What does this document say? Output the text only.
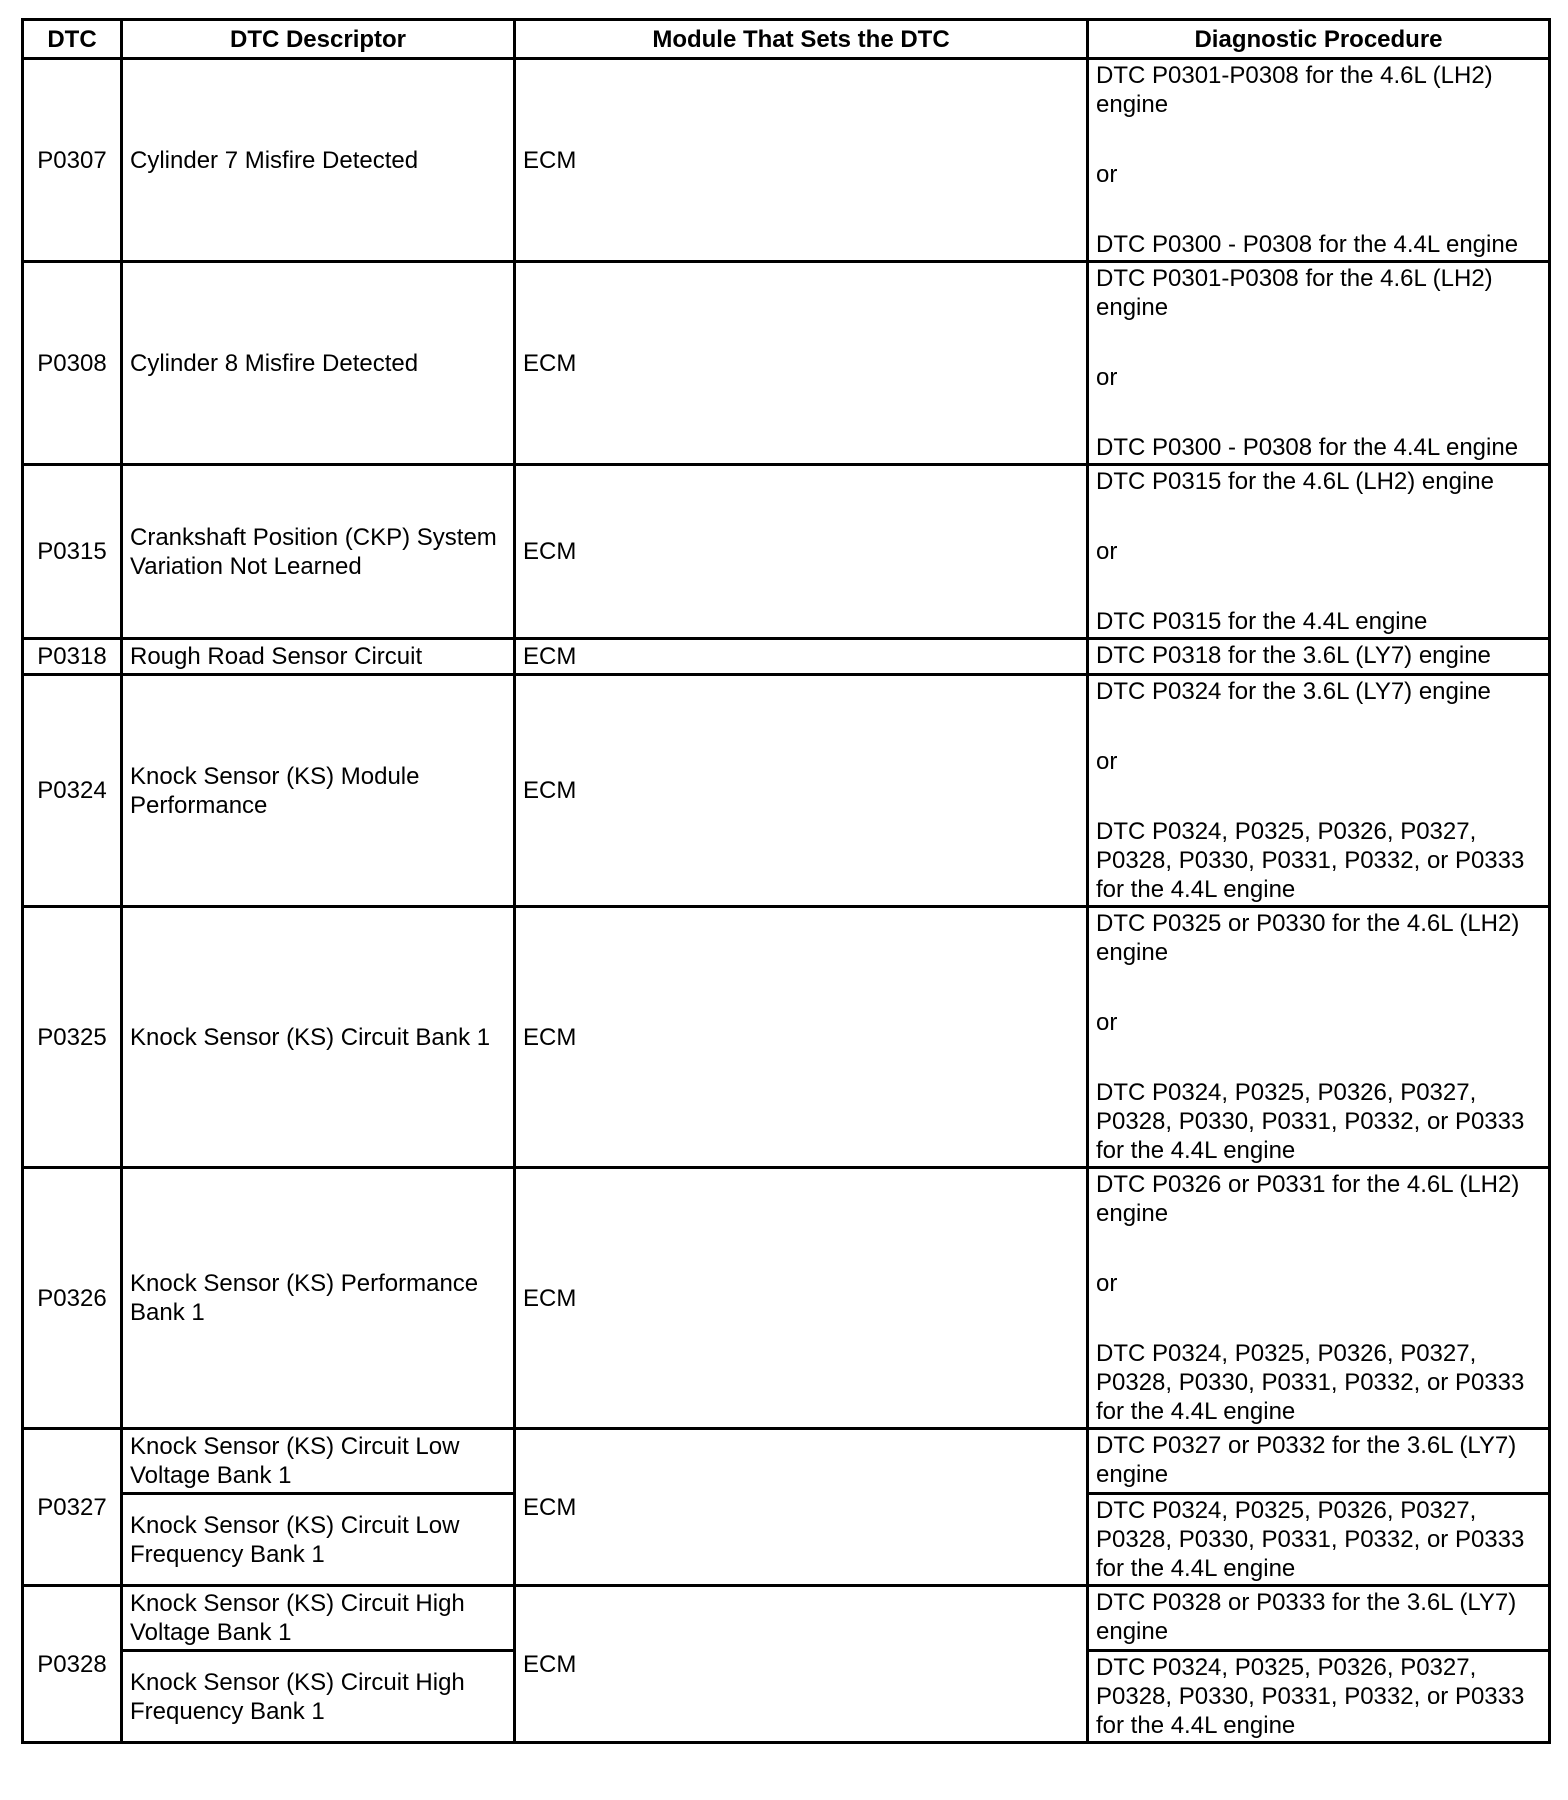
DTC	DTC Descriptor	Module That Sets the DTC	Diagnostic Procedure
P0307	Cylinder 7 Misfire Detected	ECM	DTC P0301-P0308 for the 4.6L (LH2) engine
or
DTC P0300 - P0308 for the 4.4L engine

P0308	Cylinder 8 Misfire Detected	ECM	DTC P0301-P0308 for the 4.6L (LH2) engine
or
DTC P0300 - P0308 for the 4.4L engine

P0315	Crankshaft Position (CKP) System Variation Not Learned	ECM	DTC P0315 for the 4.6L (LH2) engine
or
DTC P0315 for the 4.4L engine

P0318	Rough Road Sensor Circuit	ECM	DTC P0318 for the 3.6L (LY7) engine

P0324	Knock Sensor (KS) Module Performance	ECM	DTC P0324 for the 3.6L (LY7) engine
or
DTC P0324, P0325, P0326, P0327, P0328, P0330, P0331, P0332, or P0333 for the 4.4L engine

P0325	Knock Sensor (KS) Circuit Bank 1	ECM	DTC P0325 or P0330 for the 4.6L (LH2) engine
or
DTC P0324, P0325, P0326, P0327, P0328, P0330, P0331, P0332, or P0333 for the 4.4L engine

P0326	Knock Sensor (KS) Performance Bank 1	ECM	DTC P0326 or P0331 for the 4.6L (LH2) engine
or
DTC P0324, P0325, P0326, P0327, P0328, P0330, P0331, P0332, or P0333 for the 4.4L engine

P0327	Knock Sensor (KS) Circuit Low Voltage Bank 1	ECM	DTC P0327 or P0332 for the 3.6L (LY7) engine
	Knock Sensor (KS) Circuit Low Frequency Bank 1		DTC P0324, P0325, P0326, P0327, P0328, P0330, P0331, P0332, or P0333 for the 4.4L engine
P0328	Knock Sensor (KS) Circuit High Voltage Bank 1	ECM	DTC P0328 or P0333 for the 3.6L (LY7) engine
	Knock Sensor (KS) Circuit High Frequency Bank 1		DTC P0324, P0325, P0326, P0327, P0328, P0330, P0331, P0332, or P0333 for the 4.4L engine
